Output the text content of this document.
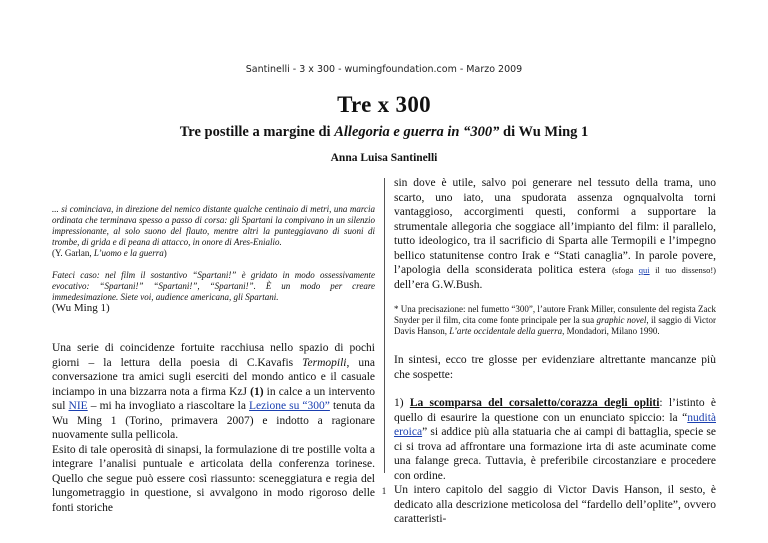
Santinelli - 3 x 300 - wumingfoundation.com - Marzo 2009
Tre x 300
Tre postille a margine di Allegoria e guerra in “300” di Wu Ming 1
Anna Luisa Santinelli
... si cominciava, in direzione del nemico distante qualche centinaio di metri, una marcia ordinata che terminava spesso a passo di corsa: gli Spartani la compivano in un silenzio impressionante, al solo suono del flauto, mentre altri la punteggiavano di suoni di trombe, di grida e di peana di attacco, in onore di Ares-Enialio.
(Y. Garlan, L’uomo e la guerra)
Fateci caso: nel film il sostantivo “Spartani!” è gridato in modo ossessivamente evocativo: “Spartani!” “Spartani!”, “Spartani!”. È un modo per creare immedesimazione. Siete voi, audience americana, gli Spartani.
(Wu Ming 1)
Una serie di coincidenze fortuite racchiusa nello spazio di pochi giorni – la lettura della poesia di C.Kavafis Termopili, una conversazione tra amici sugli eserciti del mondo antico e il casuale inciampo in una bizzarra nota a firma KzJ (1) in calce a un intervento sul NIE – mi ha invogliato a riascoltare la Lezione su “300” tenuta da Wu Ming 1 (Torino, primavera 2007) e indotto a ragionare nuovamente sulla pellicola.
Esito di tale operosità di sinapsi, la formulazione di tre postille volta a integrare l’analisi puntuale e articolata della conferenza torinese. Quello che segue può essere così riassunto: sceneggiatura e regia del lungometraggio in questione, si avvalgono in modo rigoroso delle fonti storiche
sin dove è utile, salvo poi generare nel tessuto della trama, uno scarto, uno iato, una spudorata assenza ognqualvolta torni vantaggioso, accorgimenti questi, conformi a supportare la strumentale allegoria che soggiace all’impianto del film: il parallelo, tutto ideologico, tra il sacrificio di Sparta alle Termopili e l’impegno bellico statunitense contro Irak e “Stati canaglia”. In parole povere, l’apologia della sconsiderata politica estera (sfoga qui il tuo dissenso!) dell’era G.W.Bush.
* Una precisazione: nel fumetto “300”, l’autore Frank Miller, consulente del regista Zack Snyder per il film, cita come fonte principale per la sua graphic novel, il saggio di Victor Davis Hanson, L’arte occidentale della guerra, Mondadori, Milano 1990.
In sintesi, ecco tre glosse per evidenziare altrettante mancanze più che sospette:
1) La scomparsa del corsaletto/corazza degli opliti: l’istinto è quello di esaurire la questione con un enunciato spiccio: la “nudità eroica” si addice più alla statuaria che ai campi di battaglia, specie se ci si trova ad affrontare una formazione irta di aste acuminate come una falange greca. Tuttavia, è preferibile circostanziare e procedere con ordine.
Un intero capitolo del saggio di Victor Davis Hanson, il sesto, è dedicato alla descrizione meticolosa del “fardello dell’oplite”, ovvero caratteristi-
1
